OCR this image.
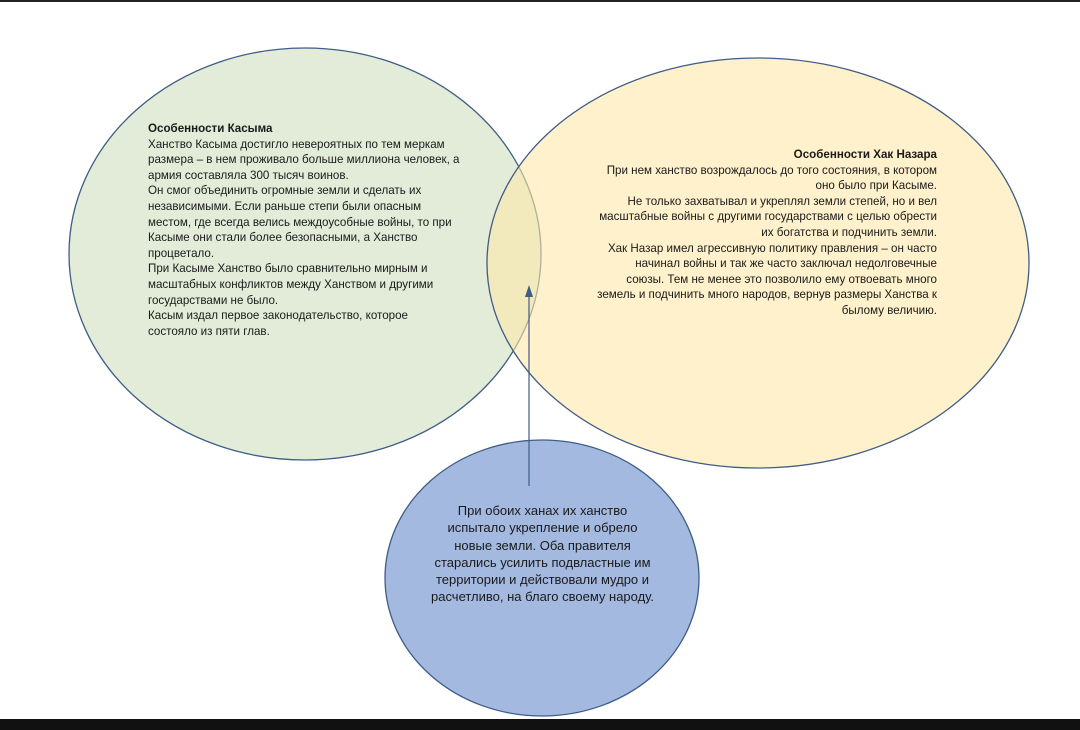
Особенности Касыма
Ханство Касыма достигло невероятных по тем меркам
размера – в нем проживало больше миллиона человек, а
армия составляла 300 тысяч воинов.
Он смог объединить огромные земли и сделать их
независимыми. Если раньше степи были опасным
местом, где всегда велись междоусобные войны, то при
Касыме они стали более безопасными, а Ханство
процветало.
При Касыме Ханство было сравнительно мирным и
масштабных конфликтов между Ханством и другими
государствами не было.
Касым издал первое законодательство, которое
состояло из пяти глав.
Особенности Хак Назара
При нем ханство возрождалось до того состояния, в котором
оно было при Касыме.
Не только захватывал и укреплял земли степей, но и вел
масштабные войны с другими государствами с целью обрести
их богатства и подчинить земли.
Хак Назар имел агрессивную политику правления – он часто
начинал войны и так же часто заключал недолговечные
союзы. Тем не менее это позволило ему отвоевать много
земель и подчинить много народов, вернув размеры Ханства к
былому величию.
При обоих ханах их ханство испытало укрепление и обрело новые земли. Оба правителя старались усилить подвластные им территории и действовали мудро и расчетливо, на благо своему народу.
